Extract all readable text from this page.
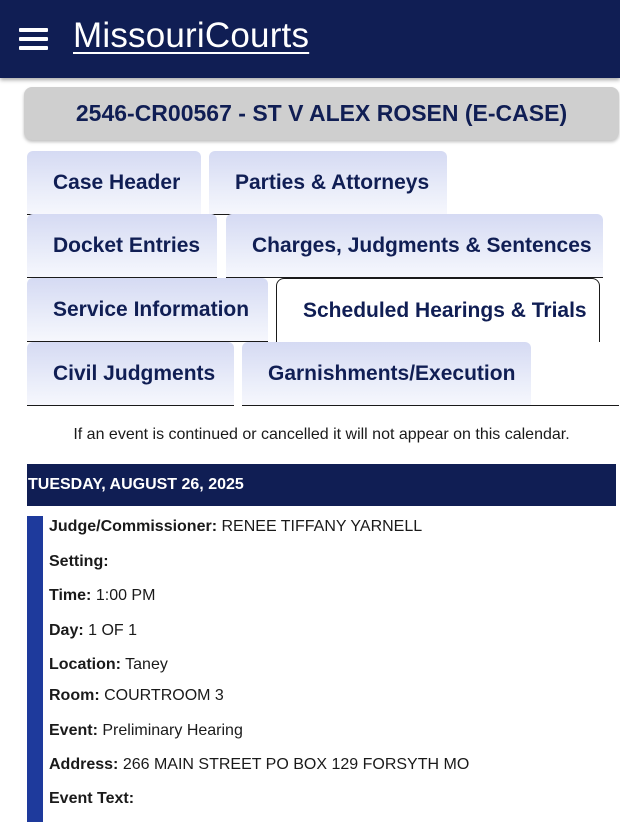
MissouriCourts
2546-CR00567 - ST V ALEX ROSEN (E-CASE)
Case Header	Parties & Attorneys
Docket Entries	Charges, Judgments & Sentences
Service Information	Scheduled Hearings & Trials
Civil Judgments	Garnishments/Execution

If an event is continued or cancelled it will not appear on this calendar.

TUESDAY, AUGUST 26, 2025
Judge/Commissioner: RENEE TIFFANY YARNELL
Setting:
Time: 1:00 PM
Day: 1 OF 1
Location: Taney
Room: COURTROOM 3
Event: Preliminary Hearing
Address: 266 MAIN STREET PO BOX 129 FORSYTH MO
Event Text:
